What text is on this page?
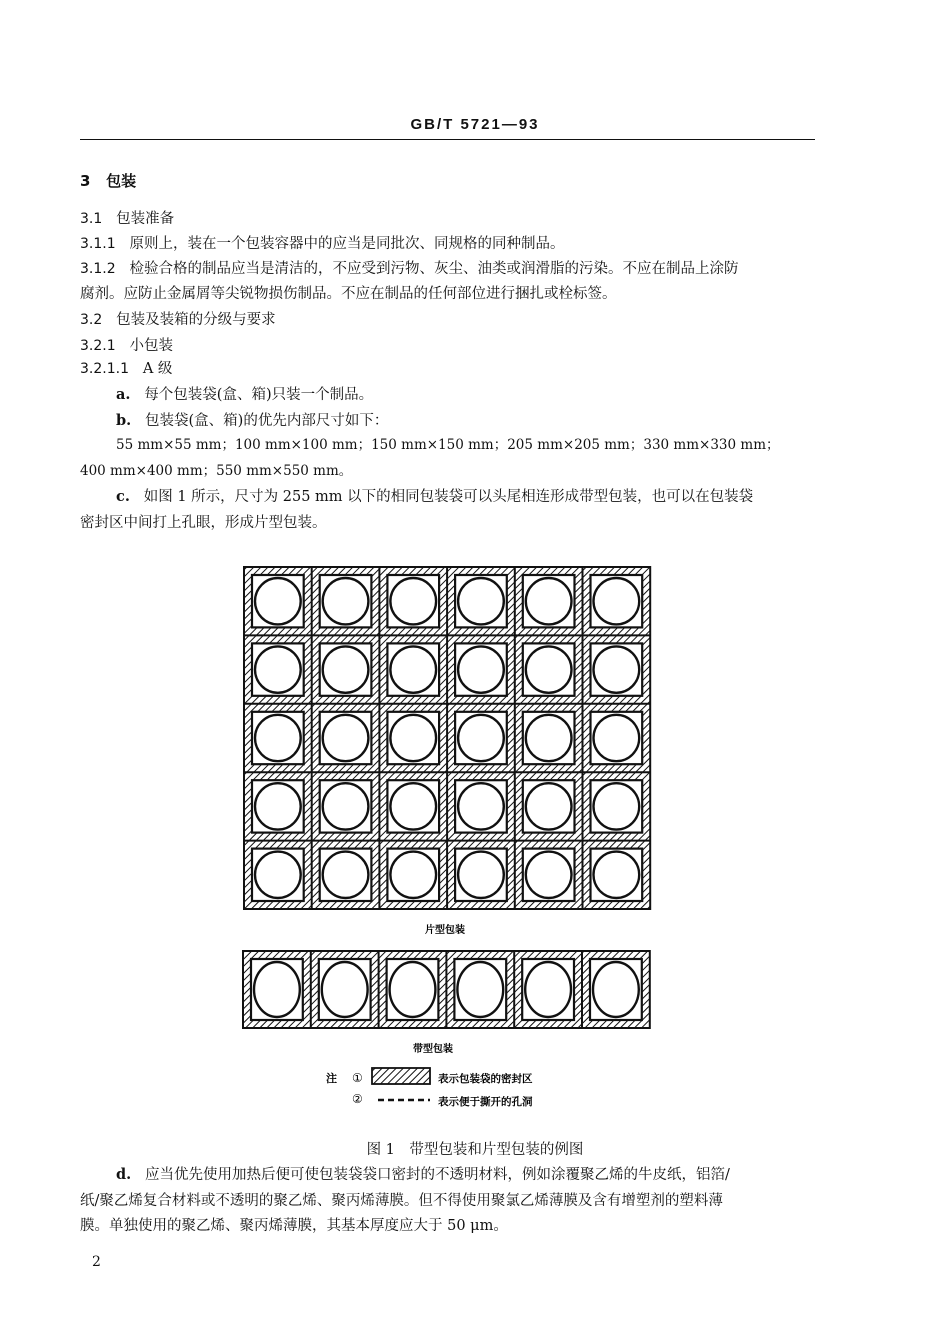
GB/T 5721—93
3 包装
3.1 包装准备
3.1.1 原则上，装在一个包装容器中的应当是同批次、同规格的同种制品。
3.1.2 检验合格的制品应当是清洁的，不应受到污物、灰尘、油类或润滑脂的污染。不应在制品上涂防
腐剂。应防止金属屑等尖锐物损伤制品。不应在制品的任何部位进行捆扎或栓标签。
3.2 包装及装箱的分级与要求
3.2.1 小包装
3.2.1.1 A 级
a. 每个包装袋(盒、箱)只装一个制品。
b. 包装袋(盒、箱)的优先内部尺寸如下：
55 mm×55 mm；100 mm×100 mm；150 mm×150 mm；205 mm×205 mm；330 mm×330 mm；
400 mm×400 mm；550 mm×550 mm。
c. 如图 1 所示，尺寸为 255 mm 以下的相同包装袋可以头尾相连形成带型包装，也可以在包装袋
密封区中间打上孔眼，形成片型包装。
片型包装
带型包装
注 ①	表示包装袋的密封区
②	表示便于撕开的孔洞
图 1　带型包装和片型包装的例图
d. 应当优先使用加热后便可使包装袋袋口密封的不透明材料，例如涂覆聚乙烯的牛皮纸，铝箔/
纸/聚乙烯复合材料或不透明的聚乙烯、聚丙烯薄膜。但不得使用聚氯乙烯薄膜及含有增塑剂的塑料薄
膜。单独使用的聚乙烯、聚丙烯薄膜，其基本厚度应大于 50 μm。
2
